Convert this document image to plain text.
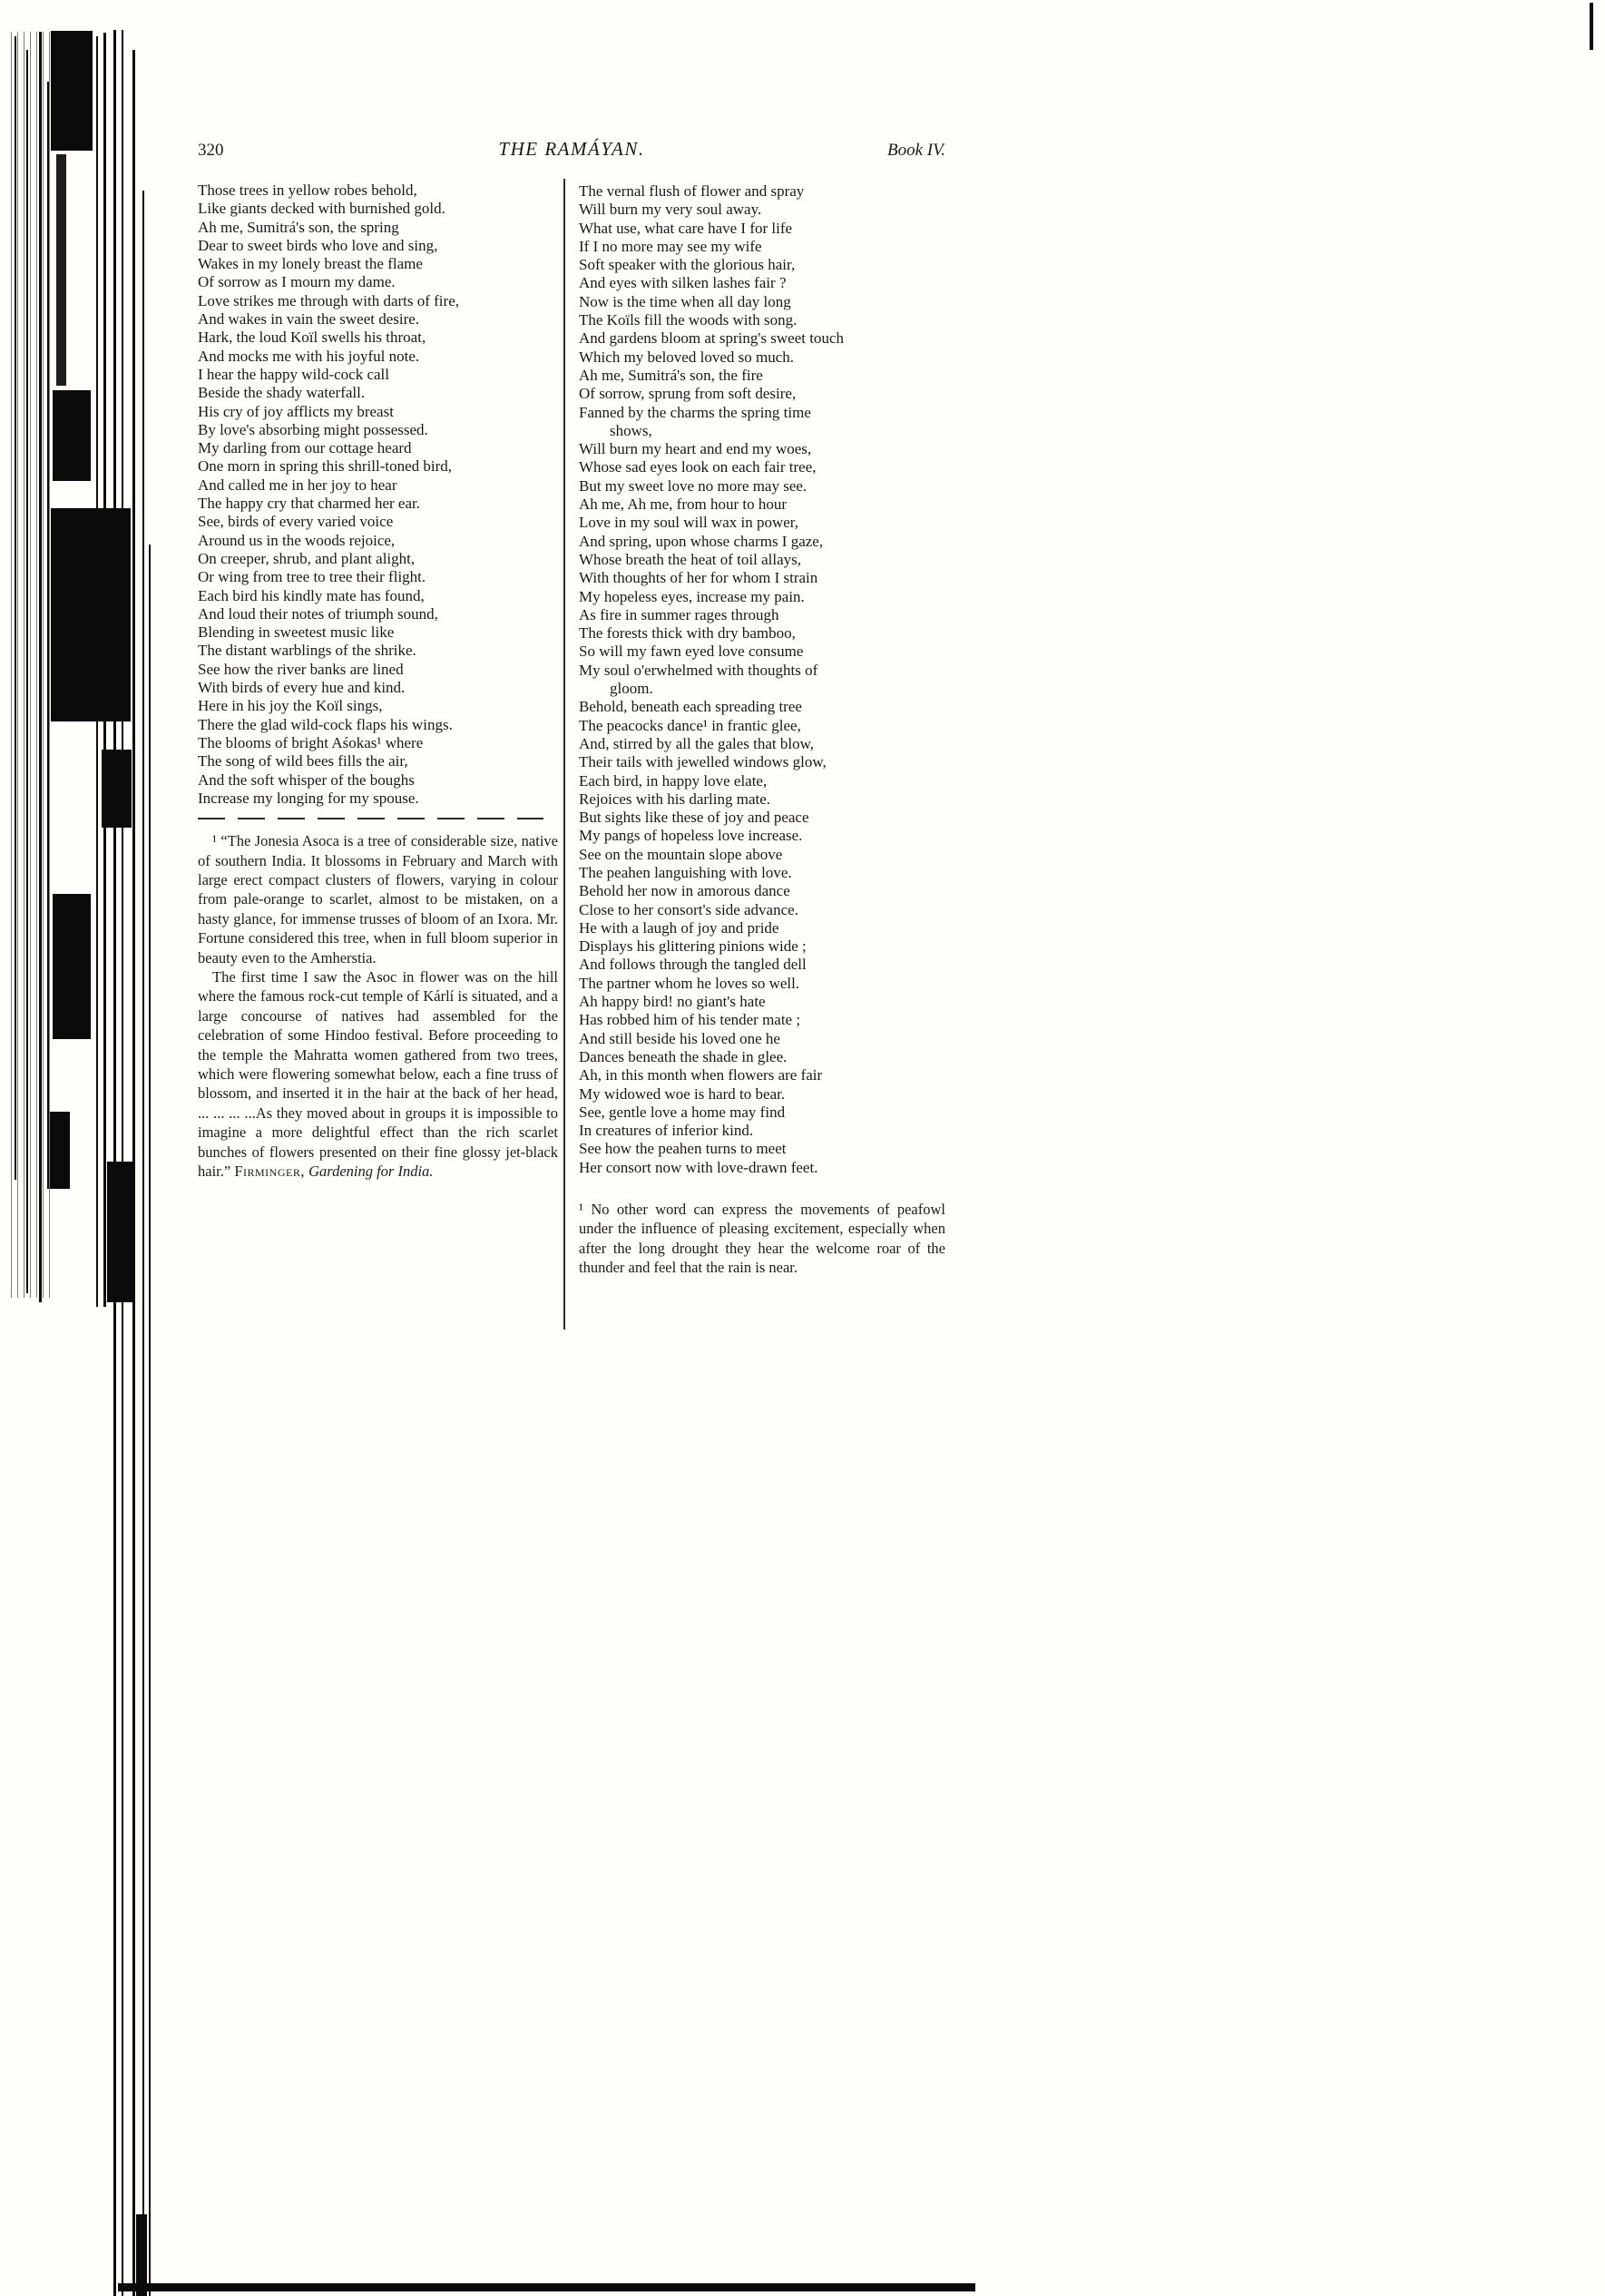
320	THE RAMÁYAN.	Book IV.
Those trees in yellow robes behold,
Like giants decked with burnished gold.
Ah me, Sumitrá's son, the spring
Dear to sweet birds who love and sing,
Wakes in my lonely breast the flame
Of sorrow as I mourn my dame.
Love strikes me through with darts of fire,
And wakes in vain the sweet desire.
Hark, the loud Koïl swells his throat,
And mocks me with his joyful note.
I hear the happy wild-cock call
Beside the shady waterfall.
His cry of joy afflicts my breast
By love's absorbing might possessed.
My darling from our cottage heard
One morn in spring this shrill-toned bird,
And called me in her joy to hear
The happy cry that charmed her ear.
See, birds of every varied voice
Around us in the woods rejoice,
On creeper, shrub, and plant alight,
Or wing from tree to tree their flight.
Each bird his kindly mate has found,
And loud their notes of triumph sound,
Blending in sweetest music like
The distant warblings of the shrike.
See how the river banks are lined
With birds of every hue and kind.
Here in his joy the Koïl sings,
There the glad wild-cock flaps his wings.
The blooms of bright Aśokas¹ where
The song of wild bees fills the air,
And the soft whisper of the boughs
Increase my longing for my spouse.

¹ “The Jonesia Asoca is a tree of considerable size, native of southern India. It blossoms in February and March with large erect compact clusters of flowers, varying in colour from pale-orange to scarlet, almost to be mistaken, on a hasty glance, for immense trusses of bloom of an Ixora. Mr. Fortune considered this tree, when in full bloom superior in beauty even to the Amherstia.

The first time I saw the Asoc in flower was on the hill where the famous rock-cut temple of Kárlí is situated, and a large concourse of natives had assembled for the celebration of some Hindoo festival. Before proceeding to the temple the Mahratta women gathered from two trees, which were flowering somewhat below, each a fine truss of blossom, and inserted it in the hair at the back of her head, ... ... ... ...As they moved about in groups it is impossible to imagine a more delightful effect than the rich scarlet bunches of flowers presented on their fine glossy jet-black hair.” Firminger, Gardening for India.

The vernal flush of flower and spray
Will burn my very soul away.
What use, what care have I for life
If I no more may see my wife
Soft speaker with the glorious hair,
And eyes with silken lashes fair ?
Now is the time when all day long
The Koïls fill the woods with song.
And gardens bloom at spring's sweet touch
Which my beloved loved so much.
Ah me, Sumitrá's son, the fire
Of sorrow, sprung from soft desire,
Fanned by the charms the spring time
shows,
Will burn my heart and end my woes,
Whose sad eyes look on each fair tree,
But my sweet love no more may see.
Ah me, Ah me, from hour to hour
Love in my soul will wax in power,
And spring, upon whose charms I gaze,
Whose breath the heat of toil allays,
With thoughts of her for whom I strain
My hopeless eyes, increase my pain.
As fire in summer rages through
The forests thick with dry bamboo,
So will my fawn eyed love consume
My soul o'erwhelmed with thoughts of
gloom.
Behold, beneath each spreading tree
The peacocks dance¹ in frantic glee,
And, stirred by all the gales that blow,
Their tails with jewelled windows glow,
Each bird, in happy love elate,
Rejoices with his darling mate.
But sights like these of joy and peace
My pangs of hopeless love increase.
See on the mountain slope above
The peahen languishing with love.
Behold her now in amorous dance
Close to her consort's side advance.
He with a laugh of joy and pride
Displays his glittering pinions wide ;
And follows through the tangled dell
The partner whom he loves so well.
Ah happy bird! no giant's hate
Has robbed him of his tender mate ;
And still beside his loved one he
Dances beneath the shade in glee.
Ah, in this month when flowers are fair
My widowed woe is hard to bear.
See, gentle love a home may find
In creatures of inferior kind.
See how the peahen turns to meet
Her consort now with love-drawn feet.

¹ No other word can express the movements of peafowl under the influence of pleasing excitement, especially when after the long drought they hear the welcome roar of the thunder and feel that the rain is near.
